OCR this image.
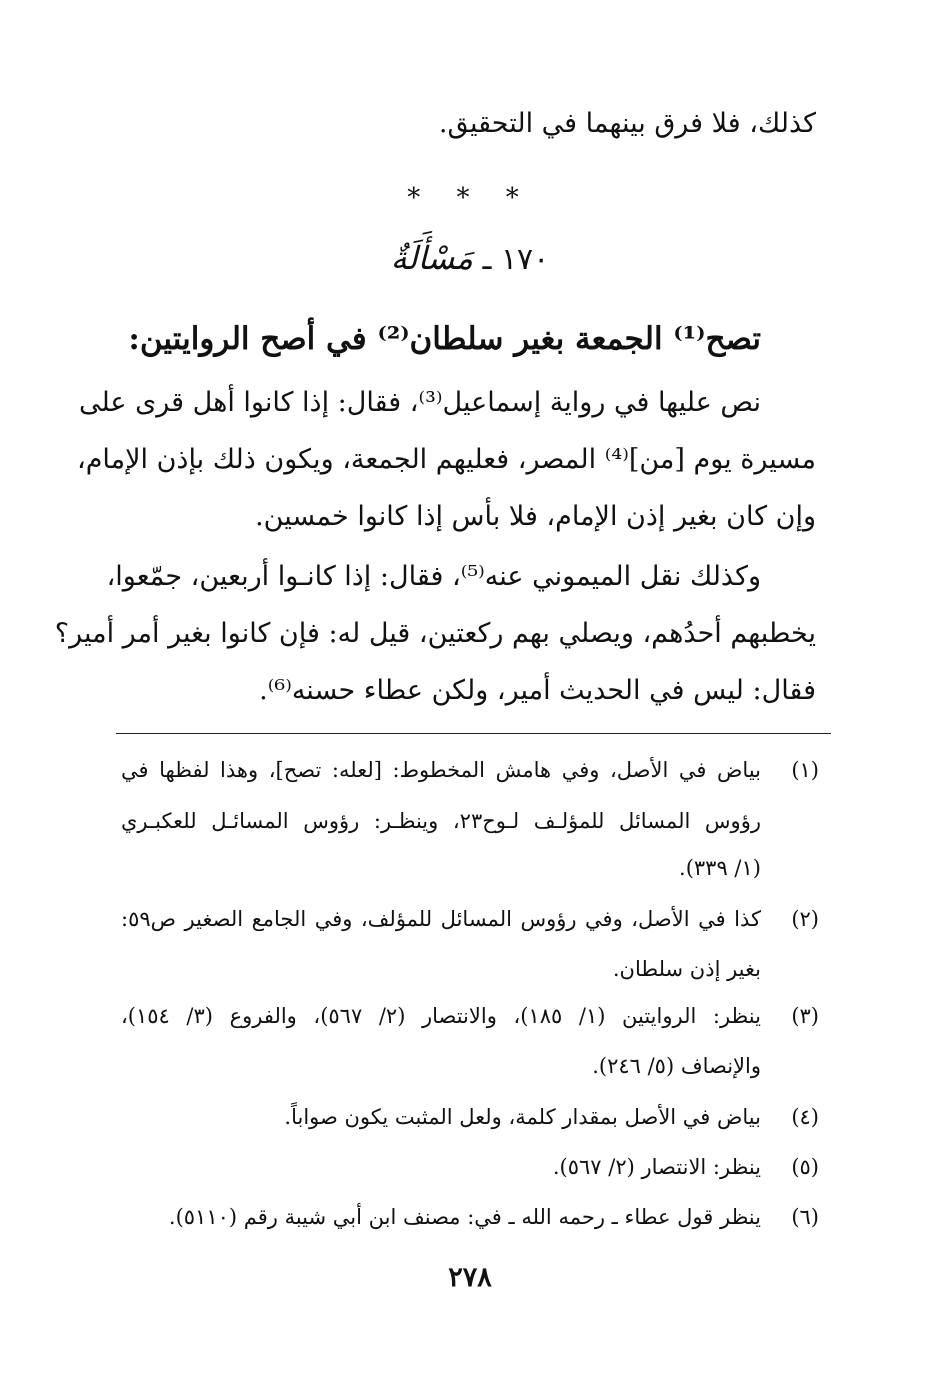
كذلك، فلا فرق بينهما في التحقيق.
* * *
١٧٠ ـ مَسْأَلَةٌ
تصح⁽¹⁾ الجمعة بغير سلطان⁽²⁾ في أصح الروايتين:
نص عليها في رواية إسماعيل⁽³⁾، فقال: إذا كانوا أهل قرى على
مسيرة يوم [من]⁽⁴⁾ المصر، فعليهم الجمعة، ويكون ذلك بإذن الإمام،
وإن كان بغير إذن الإمام، فلا بأس إذا كانوا خمسين.
وكذلك نقل الميموني عنه⁽⁵⁾، فقال: إذا كانـوا أربعين، جمّعوا،
يخطبهم أحدُهم، ويصلي بهم ركعتين، قيل له: فإن كانوا بغير أمر أمير؟
فقال: ليس في الحديث أمير، ولكن عطاء حسنه⁽⁶⁾.
(١)
بياض في الأصل، وفي هامش المخطوط: [لعله: تصح]، وهذا لفظها في
رؤوس المسائل للمؤلـف لـوح٢٣، وينظـر: رؤوس المسائـل للعكبـري
(١/ ٣٣٩).
(٢)
كذا في الأصل، وفي رؤوس المسائل للمؤلف، وفي الجامع الصغير ص٥٩:
بغير إذن سلطان.
(٣)
ينظر: الروايتين (١/ ١٨٥)، والانتصار (٢/ ٥٦٧)، والفروع (٣/ ١٥٤)،
والإنصاف (٥/ ٢٤٦).
(٤)
بياض في الأصل بمقدار كلمة، ولعل المثبت يكون صواباً.
(٥)
ينظر: الانتصار (٢/ ٥٦٧).
(٦)
ينظر قول عطاء ـ رحمه الله ـ في: مصنف ابن أبي شيبة رقم (٥١١٠).
٢٧٨
